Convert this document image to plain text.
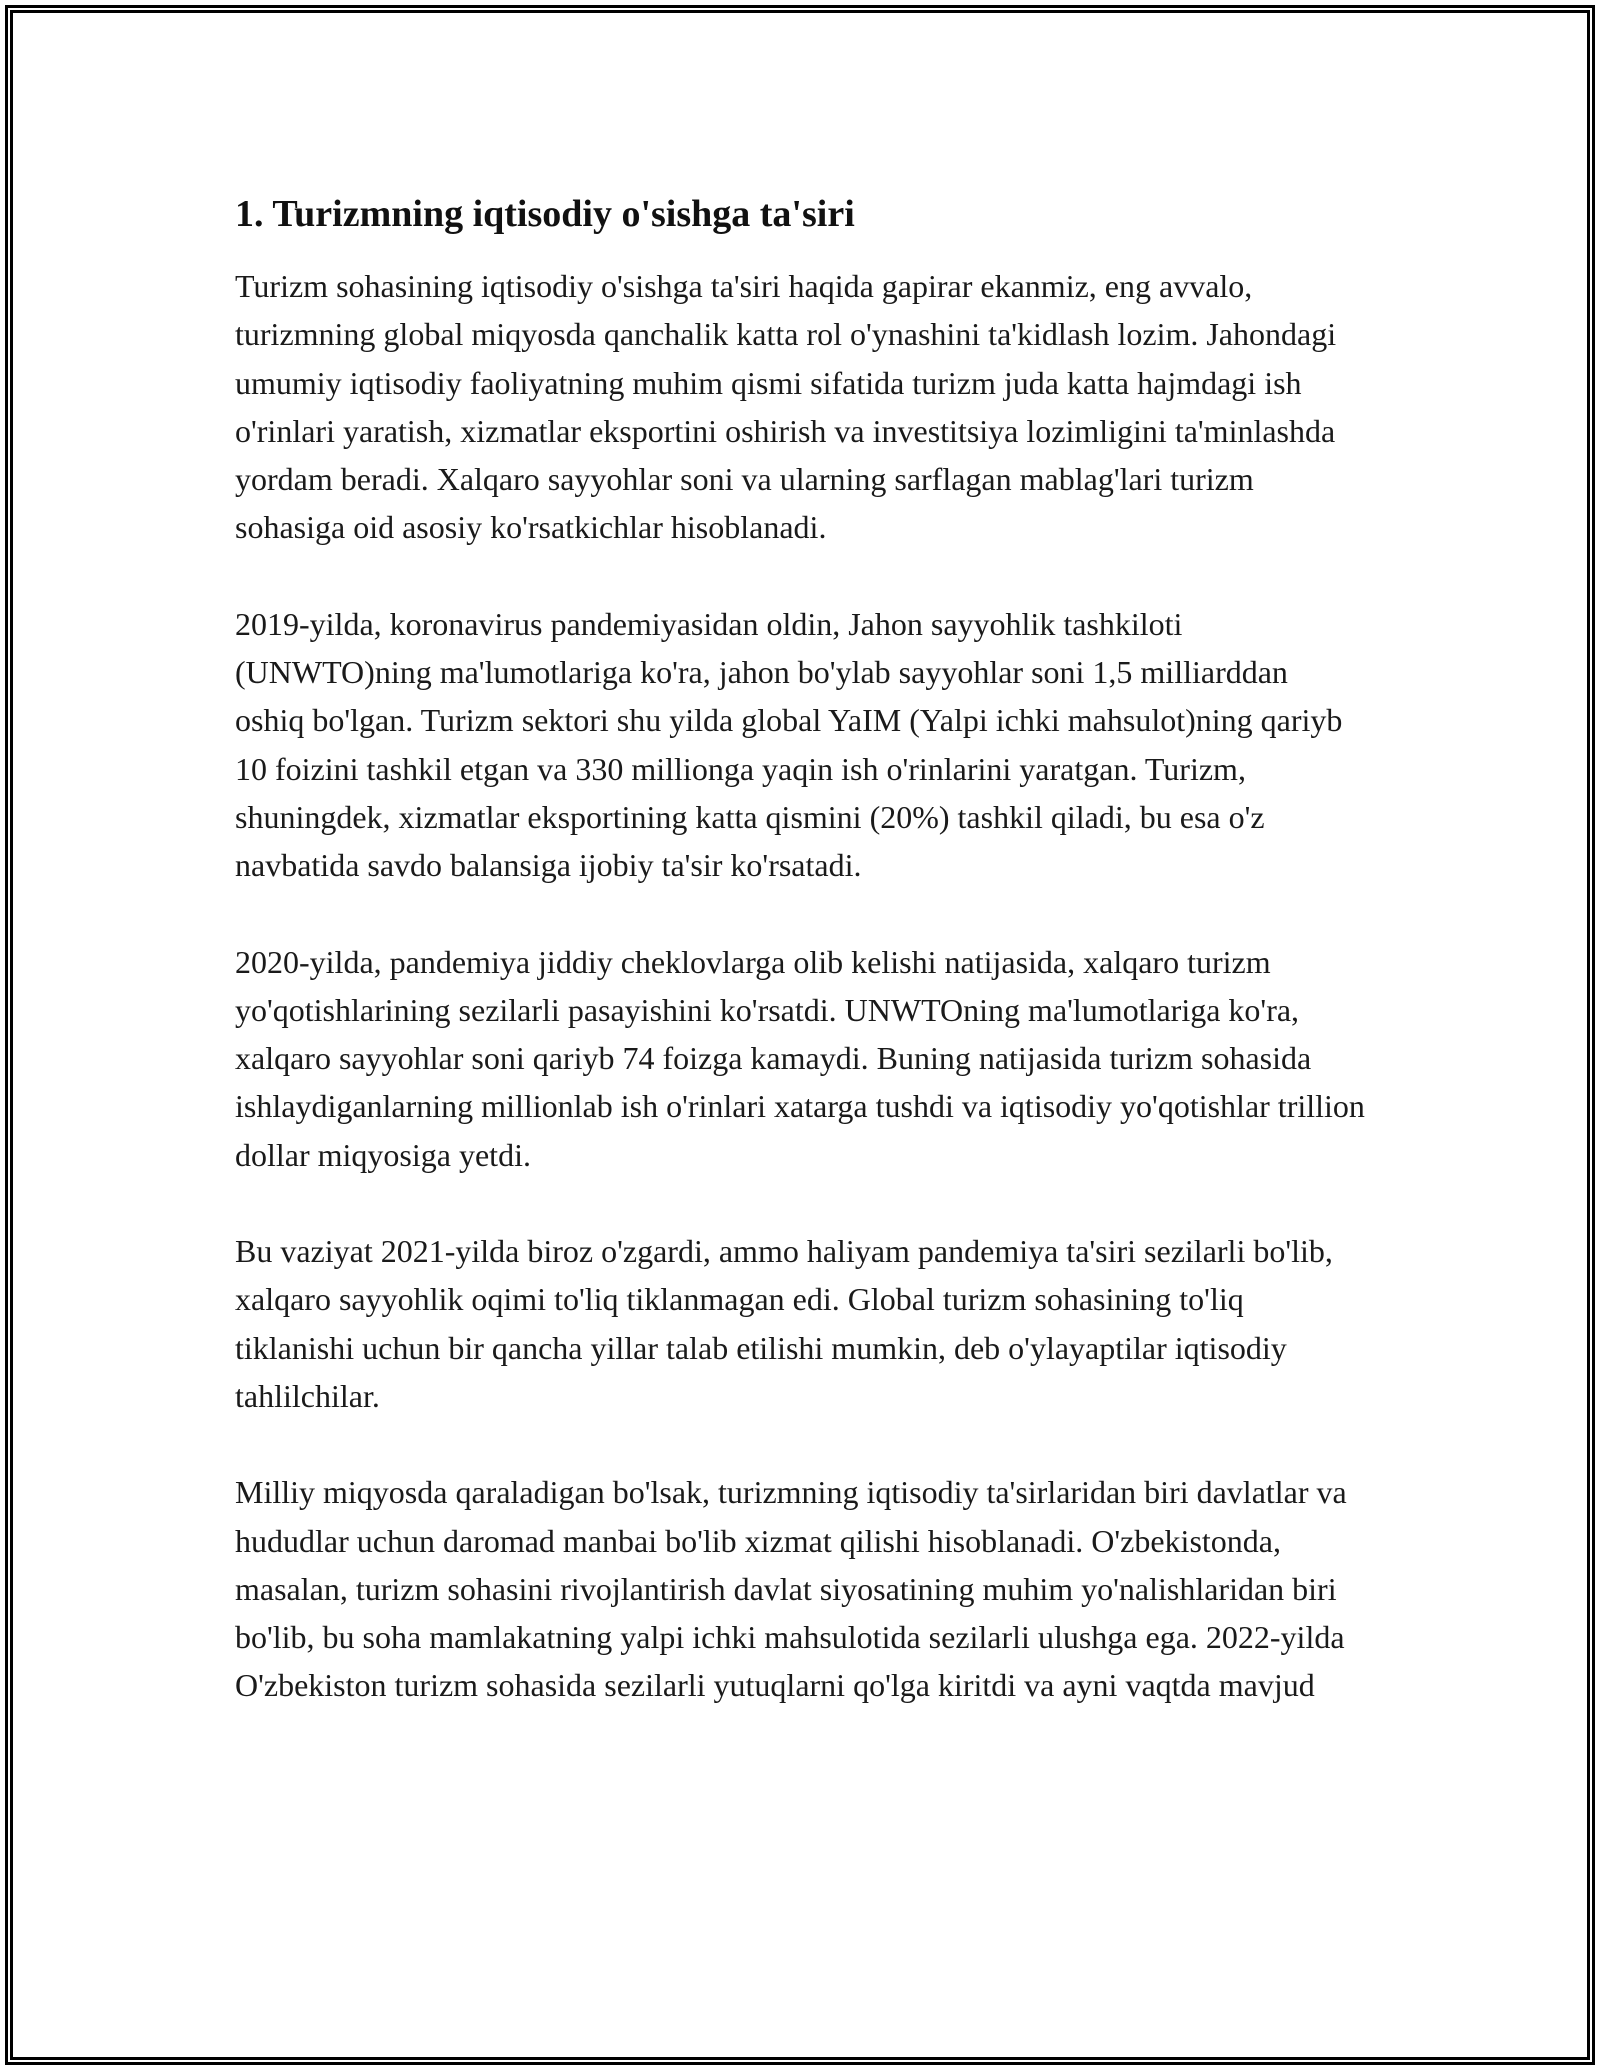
1. Turizmning iqtisodiy o'sishga ta'siri

Turizm sohasining iqtisodiy o'sishga ta'siri haqida gapirar ekanmiz, eng avvalo, turizmning global miqyosda qanchalik katta rol o'ynashini ta'kidlash lozim. Jahondagi umumiy iqtisodiy faoliyatning muhim qismi sifatida turizm juda katta hajmdagi ish o'rinlari yaratish, xizmatlar eksportini oshirish va investitsiya lozimligini ta'minlashda yordam beradi. Xalqaro sayyohlar soni va ularning sarflagan mablag'lari turizm sohasiga oid asosiy ko'rsatkichlar hisoblanadi.

2019-yilda, koronavirus pandemiyasidan oldin, Jahon sayyohlik tashkiloti (UNWTO)ning ma'lumotlariga ko'ra, jahon bo'ylab sayyohlar soni 1,5 milliarddan oshiq bo'lgan. Turizm sektori shu yilda global YaIM (Yalpi ichki mahsulot)ning qariyb 10 foizini tashkil etgan va 330 millionga yaqin ish o'rinlarini yaratgan. Turizm, shuningdek, xizmatlar eksportining katta qismini (20%) tashkil qiladi, bu esa o'z navbatida savdo balansiga ijobiy ta'sir ko'rsatadi.

2020-yilda, pandemiya jiddiy cheklovlarga olib kelishi natijasida, xalqaro turizm yo'qotishlarining sezilarli pasayishini ko'rsatdi. UNWTOning ma'lumotlariga ko'ra, xalqaro sayyohlar soni qariyb 74 foizga kamaydi. Buning natijasida turizm sohasida ishlaydiganlarning millionlab ish o'rinlari xatarga tushdi va iqtisodiy yo'qotishlar trillion dollar miqyosiga yetdi.

Bu vaziyat 2021-yilda biroz o'zgardi, ammo haliyam pandemiya ta'siri sezilarli bo'lib, xalqaro sayyohlik oqimi to'liq tiklanmagan edi. Global turizm sohasining to'liq tiklanishi uchun bir qancha yillar talab etilishi mumkin, deb o'ylayaptilar iqtisodiy tahlilchilar.

Milliy miqyosda qaraladigan bo'lsak, turizmning iqtisodiy ta'sirlaridan biri davlatlar va hududlar uchun daromad manbai bo'lib xizmat qilishi hisoblanadi. O'zbekistonda, masalan, turizm sohasini rivojlantirish davlat siyosatining muhim yo'nalishlaridan biri bo'lib, bu soha mamlakatning yalpi ichki mahsulotida sezilarli ulushga ega. 2022-yilda O'zbekiston turizm sohasida sezilarli yutuqlarni qo'lga kiritdi va ayni vaqtda mavjud
